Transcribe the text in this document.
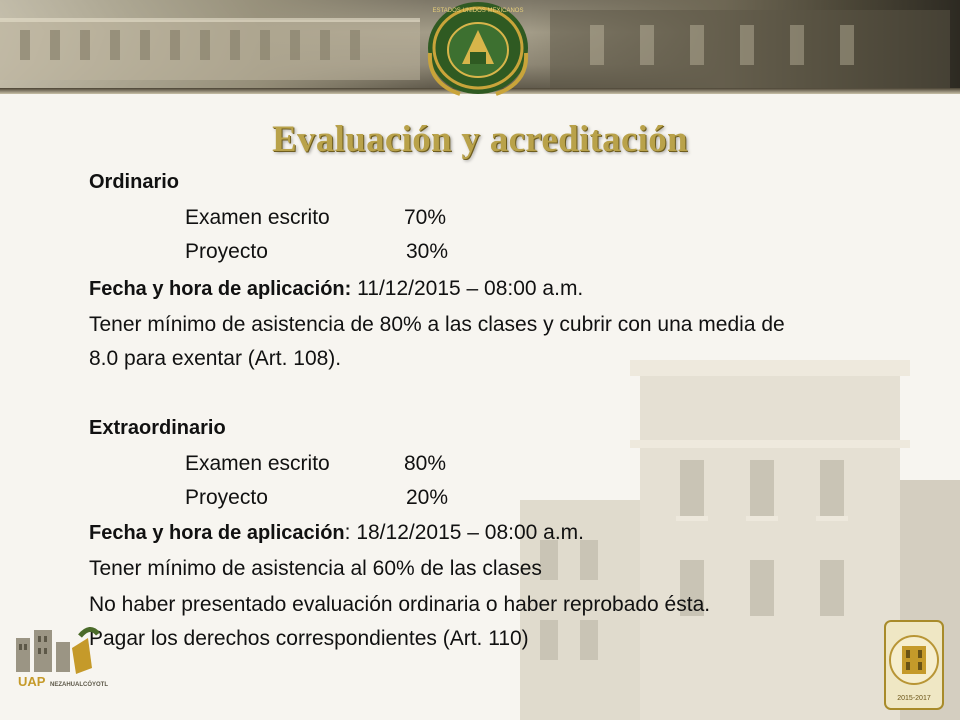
ESTADOS UNIDOS MEXICANOS
Evaluación y acreditación
Ordinario
Examen escrito	70%
Proyecto	30%
Fecha y hora de aplicación: 11/12/2015 – 08:00 a.m.
Tener mínimo de asistencia de 80% a las clases y cubrir con una media de
8.0 para exentar (Art. 108).
Extraordinario
Examen escrito	80%
Proyecto	20%
Fecha y hora de aplicación: 18/12/2015 – 08:00 a.m.
Tener mínimo de asistencia al 60% de las clases
No haber presentado evaluación ordinaria o haber reprobado ésta.
Pagar los derechos correspondientes (Art. 110)
UAP NEZAHUALCÓYOTL
2015-2017
